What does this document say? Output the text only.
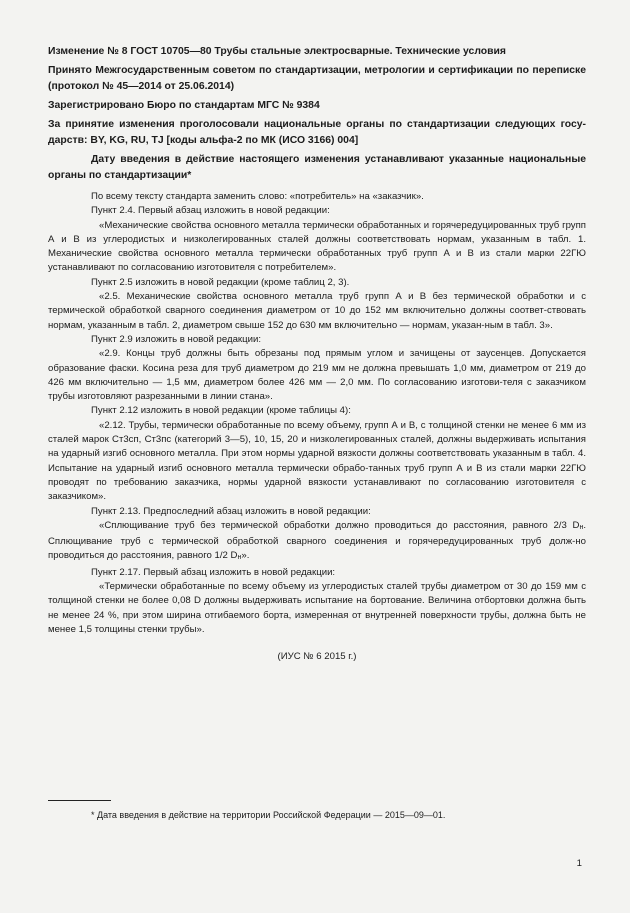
Изменение № 8 ГОСТ 10705—80 Трубы стальные электросварные. Технические условия

Принято Межгосударственным советом по стандартизации, метрологии и сертификации по переписке (протокол № 45—2014 от 25.06.2014)

Зарегистрировано Бюро по стандартам МГС № 9384

За принятие изменения проголосовали национальные органы по стандартизации следующих госу-дарств: BY, KG, RU, TJ [коды альфа-2 по МК (ИСО 3166) 004]

Дату введения в действие настоящего изменения устанавливают указанные национальные органы по стандартизации*

По всему тексту стандарта заменить слово: «потребитель» на «заказчик».

Пункт 2.4. Первый абзац изложить в новой редакции:

«Механические свойства основного металла термически обработанных и горячередуцированных труб групп А и В из углеродистых и низколегированных сталей должны соответствовать нормам, указанным в табл. 1. Механические свойства основного металла термически обработанных труб групп А и В из стали марки 22ГЮ устанавливают по согласованию изготовителя с потребителем».

Пункт 2.5 изложить в новой редакции (кроме таблиц 2, 3).

«2.5. Механические свойства основного металла труб групп А и В без термической обработки и с термической обработкой сварного соединения диаметром от 10 до 152 мм включительно должны соответ-ствовать нормам, указанным в табл. 2, диаметром свыше 152 до 630 мм включительно — нормам, указан-ным в табл. 3».

Пункт 2.9 изложить в новой редакции:

«2.9. Концы труб должны быть обрезаны под прямым углом и зачищены от заусенцев. Допускается образование фаски. Косина реза для труб диаметром до 219 мм не должна превышать 1,0 мм, диаметром от 219 до 426 мм включительно — 1,5 мм, диаметром более 426 мм — 2,0 мм. По согласованию изготови-теля с заказчиком трубы изготовляют разрезанными в линии стана».

Пункт 2.12 изложить в новой редакции (кроме таблицы 4):

«2.12. Трубы, термически обработанные по всему объему, групп А и В, с толщиной стенки не менее 6 мм из сталей марок Ст3сп, Ст3пс (категорий 3—5), 10, 15, 20 и низколегированных сталей, должны выдерживать испытания на ударный изгиб основного металла. При этом нормы ударной вязкости должны соответствовать указанным в табл. 4. Испытание на ударный изгиб основного металла термически обрабо-танных труб групп А и В из стали марки 22ГЮ проводят по требованию заказчика, нормы ударной вязкости устанавливают по согласованию изготовителя с заказчиком».

Пункт 2.13. Предпоследний абзац изложить в новой редакции:

«Сплющивание труб без термической обработки должно проводиться до расстояния, равного 2/3 Dн. Сплющивание труб с термической обработкой сварного соединения и горячередуцированных труб долж-но проводиться до расстояния, равного 1/2 Dн».

Пункт 2.17. Первый абзац изложить в новой редакции:

«Термически обработанные по всему объему из углеродистых сталей трубы диаметром от 30 до 159 мм с толщиной стенки не более 0,08 D должны выдерживать испытание на бортование. Величина отбортовки должна быть не менее 24 %, при этом ширина отгибаемого борта, измеренная от внутренней поверхности трубы, должна быть не менее 1,5 толщины стенки трубы».

(ИУС № 6 2015 г.)

* Дата введения в действие на территории Российской Федерации — 2015—09—01.

1
